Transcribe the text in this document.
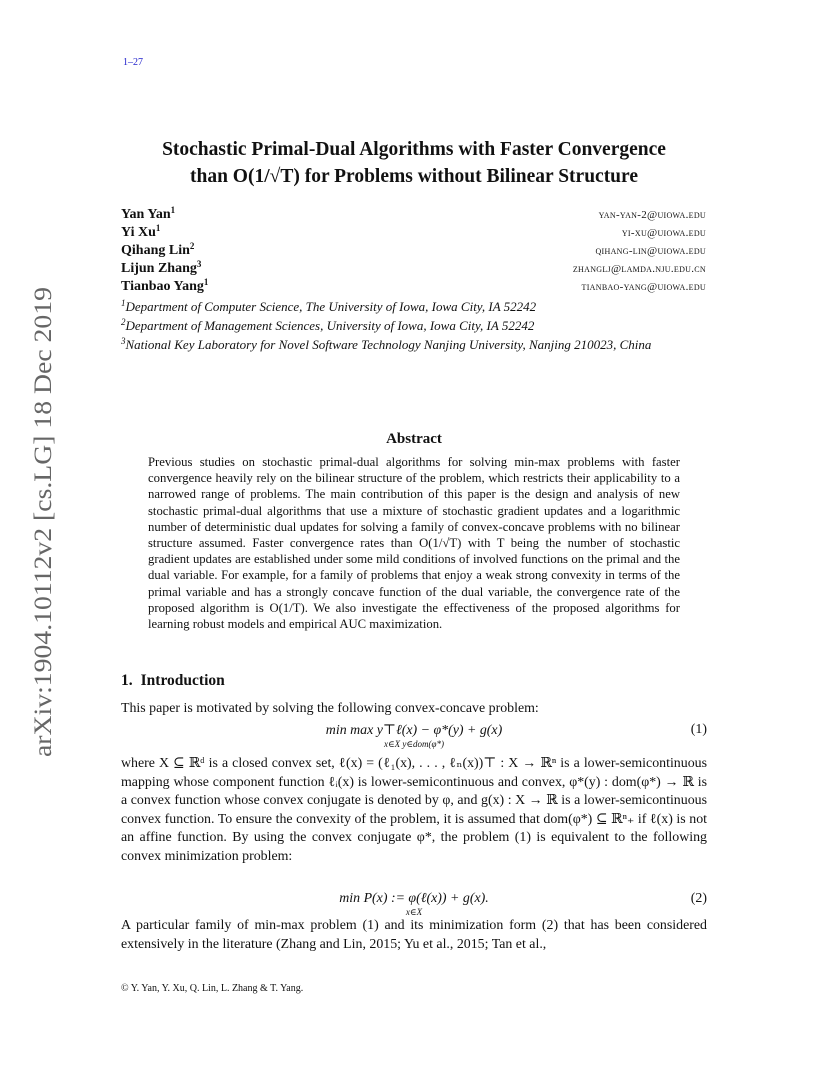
1–27
Stochastic Primal-Dual Algorithms with Faster Convergence
than O(1/√T) for Problems without Bilinear Structure
arXiv:1904.10112v2 [cs.LG] 18 Dec 2019
Yan Yan$^1$	yan-yan-2@uiowa.edu
Yi Xu$^1$	yi-xu@uiowa.edu
Qihang Lin$^2$	qihang-lin@uiowa.edu
Lijun Zhang$^3$	zhanglj@lamda.nju.edu.cn
Tianbao Yang$^1$	tianbao-yang@uiowa.edu
$^1$Department of Computer Science, The University of Iowa, Iowa City, IA 52242
$^2$Department of Management Sciences, University of Iowa, Iowa City, IA 52242
$^3$National Key Laboratory for Novel Software Technology Nanjing University, Nanjing 210023, China
Abstract

Previous studies on stochastic primal-dual algorithms for solving min-max problems with faster convergence heavily rely on the bilinear structure of the problem, which restricts their applicability to a narrowed range of problems. The main contribution of this paper is the design and analysis of new stochastic primal-dual algorithms that use a mixture of stochastic gradient updates and a logarithmic number of deterministic dual updates for solving a family of convex-concave problems with no bilinear structure assumed. Faster convergence rates than O(1/√T) with T being the number of stochastic gradient updates are established under some mild conditions of involved functions on the primal and the dual variable. For example, for a family of problems that enjoy a weak strong convexity in terms of the primal variable and has a strongly concave function of the dual variable, the convergence rate of the proposed algorithm is O(1/T). We also investigate the effectiveness of the proposed algorithms for learning robust models and empirical AUC maximization.

1. Introduction

This paper is motivated by solving the following convex-concave problem:

min max y⊤ℓ(x) − φ*(y) + g(x)
x∈X y∈dom(φ*)
(1)

where X ⊆ ℝᵈ is a closed convex set, ℓ(x) = (ℓ₁(x), . . . , ℓₙ(x))⊤ : X → ℝⁿ is a lower-semicontinuous mapping whose component function ℓᵢ(x) is lower-semicontinuous and convex, φ*(y) : dom(φ*) → ℝ is a convex function whose convex conjugate is denoted by φ, and g(x) : X → ℝ is a lower-semicontinuous convex function. To ensure the convexity of the problem, it is assumed that dom(φ*) ⊆ ℝⁿ₊ if ℓ(x) is not an affine function. By using the convex conjugate φ*, the problem (1) is equivalent to the following convex minimization problem:

min P(x) := φ(ℓ(x)) + g(x).
x∈X
(2)

A particular family of min-max problem (1) and its minimization form (2) that has been considered extensively in the literature (Zhang and Lin, 2015; Yu et al., 2015; Tan et al.,

© Y. Yan, Y. Xu, Q. Lin, L. Zhang & T. Yang.
